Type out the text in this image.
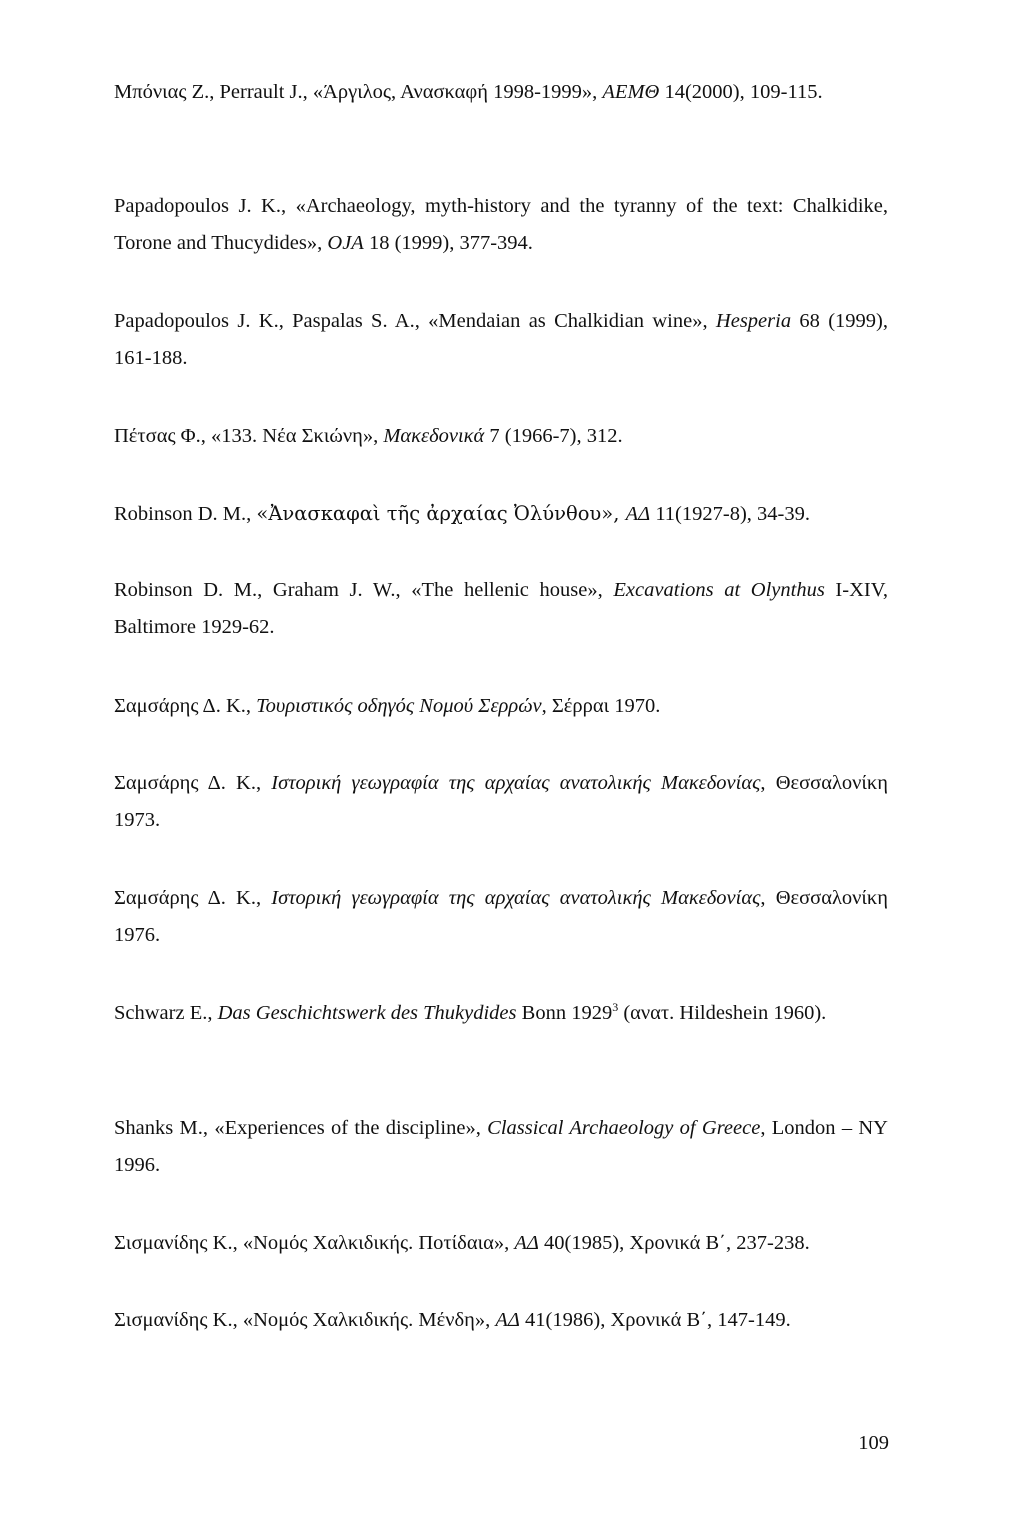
Μπόνιας Ζ., Perrault J., «Άργιλος, Ανασκαφή 1998-1999», ΑΕΜΘ 14(2000), 109-115.

Papadopoulos J. K., «Archaeology, myth-history and the tyranny of the text: Chalkidike, Torone and Thucydides», OJA 18 (1999), 377-394.

Papadopoulos J. K., Paspalas S. A., «Mendaian as Chalkidian wine», Hesperia 68 (1999), 161-188.

Πέτσας Φ., «133. Νέα Σκιώνη», Μακεδονικά 7 (1966-7), 312.

Robinson D. M., «Ἀνασκαφαὶ τῆς ἀρχαίας Ὀλύνθου», ΑΔ 11(1927-8), 34-39.

Robinson D. M., Graham J. W., «The hellenic house», Excavations at Olynthus I-XIV, Baltimore 1929-62.

Σαμσάρης Δ. Κ., Τουριστικός οδηγός Νομού Σερρών, Σέρραι 1970.

Σαμσάρης Δ. Κ., Ιστορική γεωγραφία της αρχαίας ανατολικής Μακεδονίας, Θεσσαλονίκη 1973.

Σαμσάρης Δ. Κ., Ιστορική γεωγραφία της αρχαίας ανατολικής Μακεδονίας, Θεσσαλονίκη 1976.

Schwarz E., Das Geschichtswerk des Thukydides Bonn 1929$^3$ (ανατ. Hildeshein 1960).

Shanks M., «Experiences of the discipline», Classical Archaeology of Greece, London – NY 1996.

Σισμανίδης Κ., «Νομός Χαλκιδικής. Ποτίδαια», ΑΔ 40(1985), Χρονικά Β΄, 237-238.

Σισμανίδης Κ., «Νομός Χαλκιδικής. Μένδη», ΑΔ 41(1986), Χρονικά Β΄, 147-149.

109
